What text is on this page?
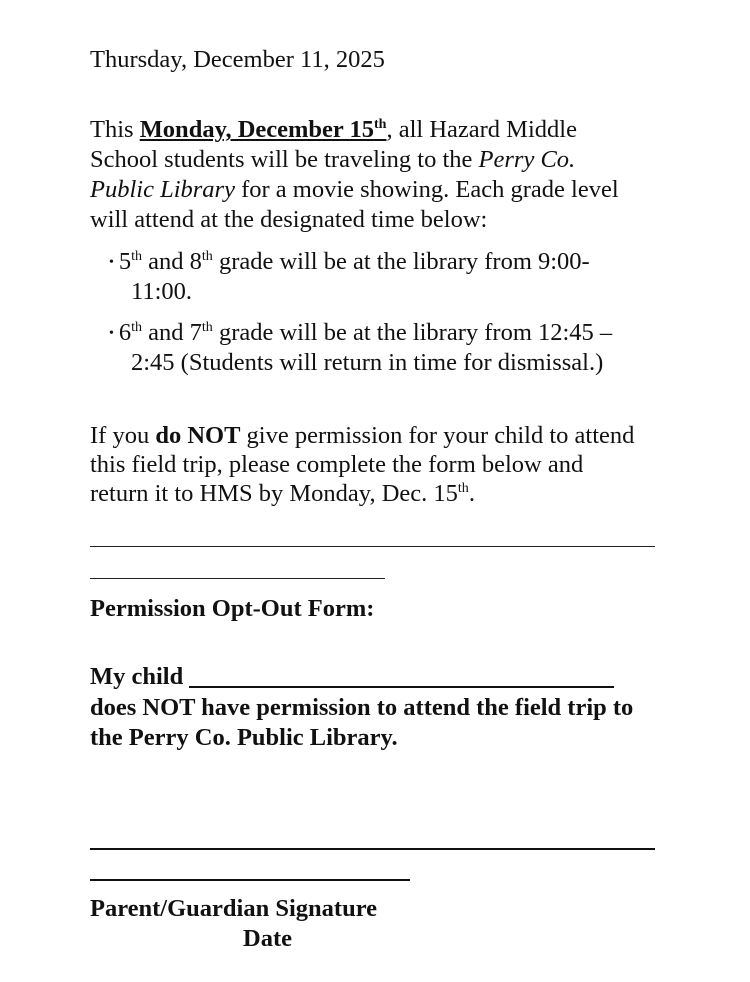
Thursday, December 11, 2025
This Monday, December 15th, all Hazard Middle
School students will be traveling to the Perry Co.
Public Library for a movie showing. Each grade level
will attend at the designated time below:
• 5th and 8th grade will be at the library from 9:00-
11:00.
• 6th and 7th grade will be at the library from 12:45 –
2:45 (Students will return in time for dismissal.)
If you do NOT give permission for your child to attend
this field trip, please complete the form below and
return it to HMS by Monday, Dec. 15th.
Permission Opt-Out Form:
My child
does NOT have permission to attend the field trip to
the Perry Co. Public Library.
Parent/Guardian Signature
Date
